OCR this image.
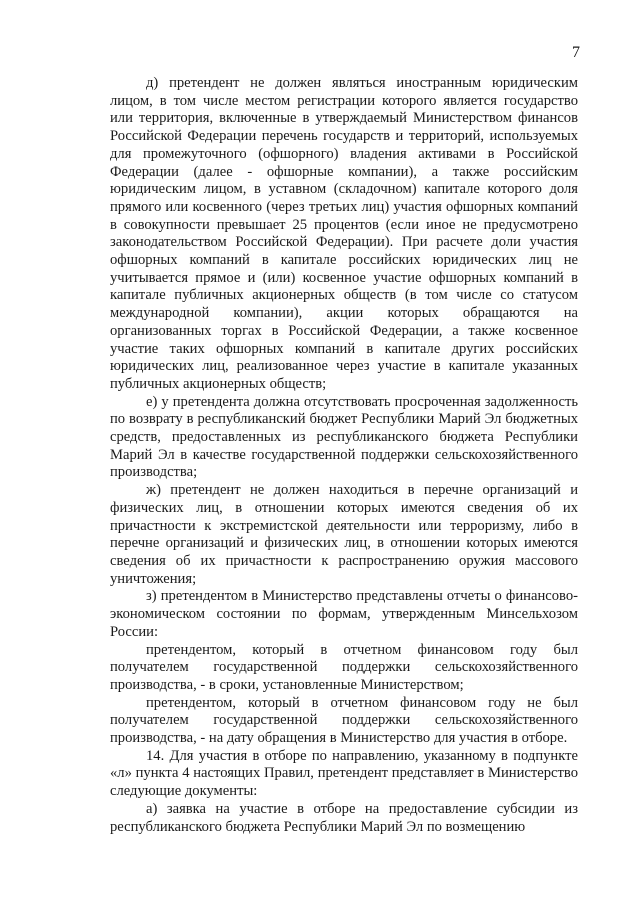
7

д) претендент не должен являться иностранным юридическим лицом, в том числе местом регистрации которого является государство или территория, включенные в утверждаемый Министерством финансов Российской Федерации перечень государств и территорий, используемых для промежуточного (офшорного) владения активами в Российской Федерации (далее - офшорные компании), а также российским юридическим лицом, в уставном (складочном) капитале которого доля прямого или косвенного (через третьих лиц) участия офшорных компаний в совокупности превышает 25 процентов (если иное не предусмотрено законодательством Российской Федерации). При расчете доли участия офшорных компаний в капитале российских юридических лиц не учитывается прямое и (или) косвенное участие офшорных компаний в капитале публичных акционерных обществ (в том числе со статусом международной компании), акции которых обращаются на организованных торгах в Российской Федерации, а также косвенное участие таких офшорных компаний в капитале других российских юридических лиц, реализованное через участие в капитале указанных публичных акционерных обществ;

е) у претендента должна отсутствовать просроченная задолженность по возврату в республиканский бюджет Республики Марий Эл бюджетных средств, предоставленных из республиканского бюджета Республики Марий Эл в качестве государственной поддержки сельскохозяйственного производства;

ж) претендент не должен находиться в перечне организаций и физических лиц, в отношении которых имеются сведения об их причастности к экстремистской деятельности или терроризму, либо в перечне организаций и физических лиц, в отношении которых имеются сведения об их причастности к распространению оружия массового уничтожения;

з) претендентом в Министерство представлены отчеты о финансово-экономическом состоянии по формам, утвержденным Минсельхозом России:

претендентом, который в отчетном финансовом году был получателем государственной поддержки сельскохозяйственного производства, - в сроки, установленные Министерством;

претендентом, который в отчетном финансовом году не был получателем государственной поддержки сельскохозяйственного производства, - на дату обращения в Министерство для участия в отборе.

14. Для участия в отборе по направлению, указанному в подпункте «л» пункта 4 настоящих Правил, претендент представляет в Министерство следующие документы:

а) заявка на участие в отборе на предоставление субсидии из республиканского бюджета Республики Марий Эл по возмещению
